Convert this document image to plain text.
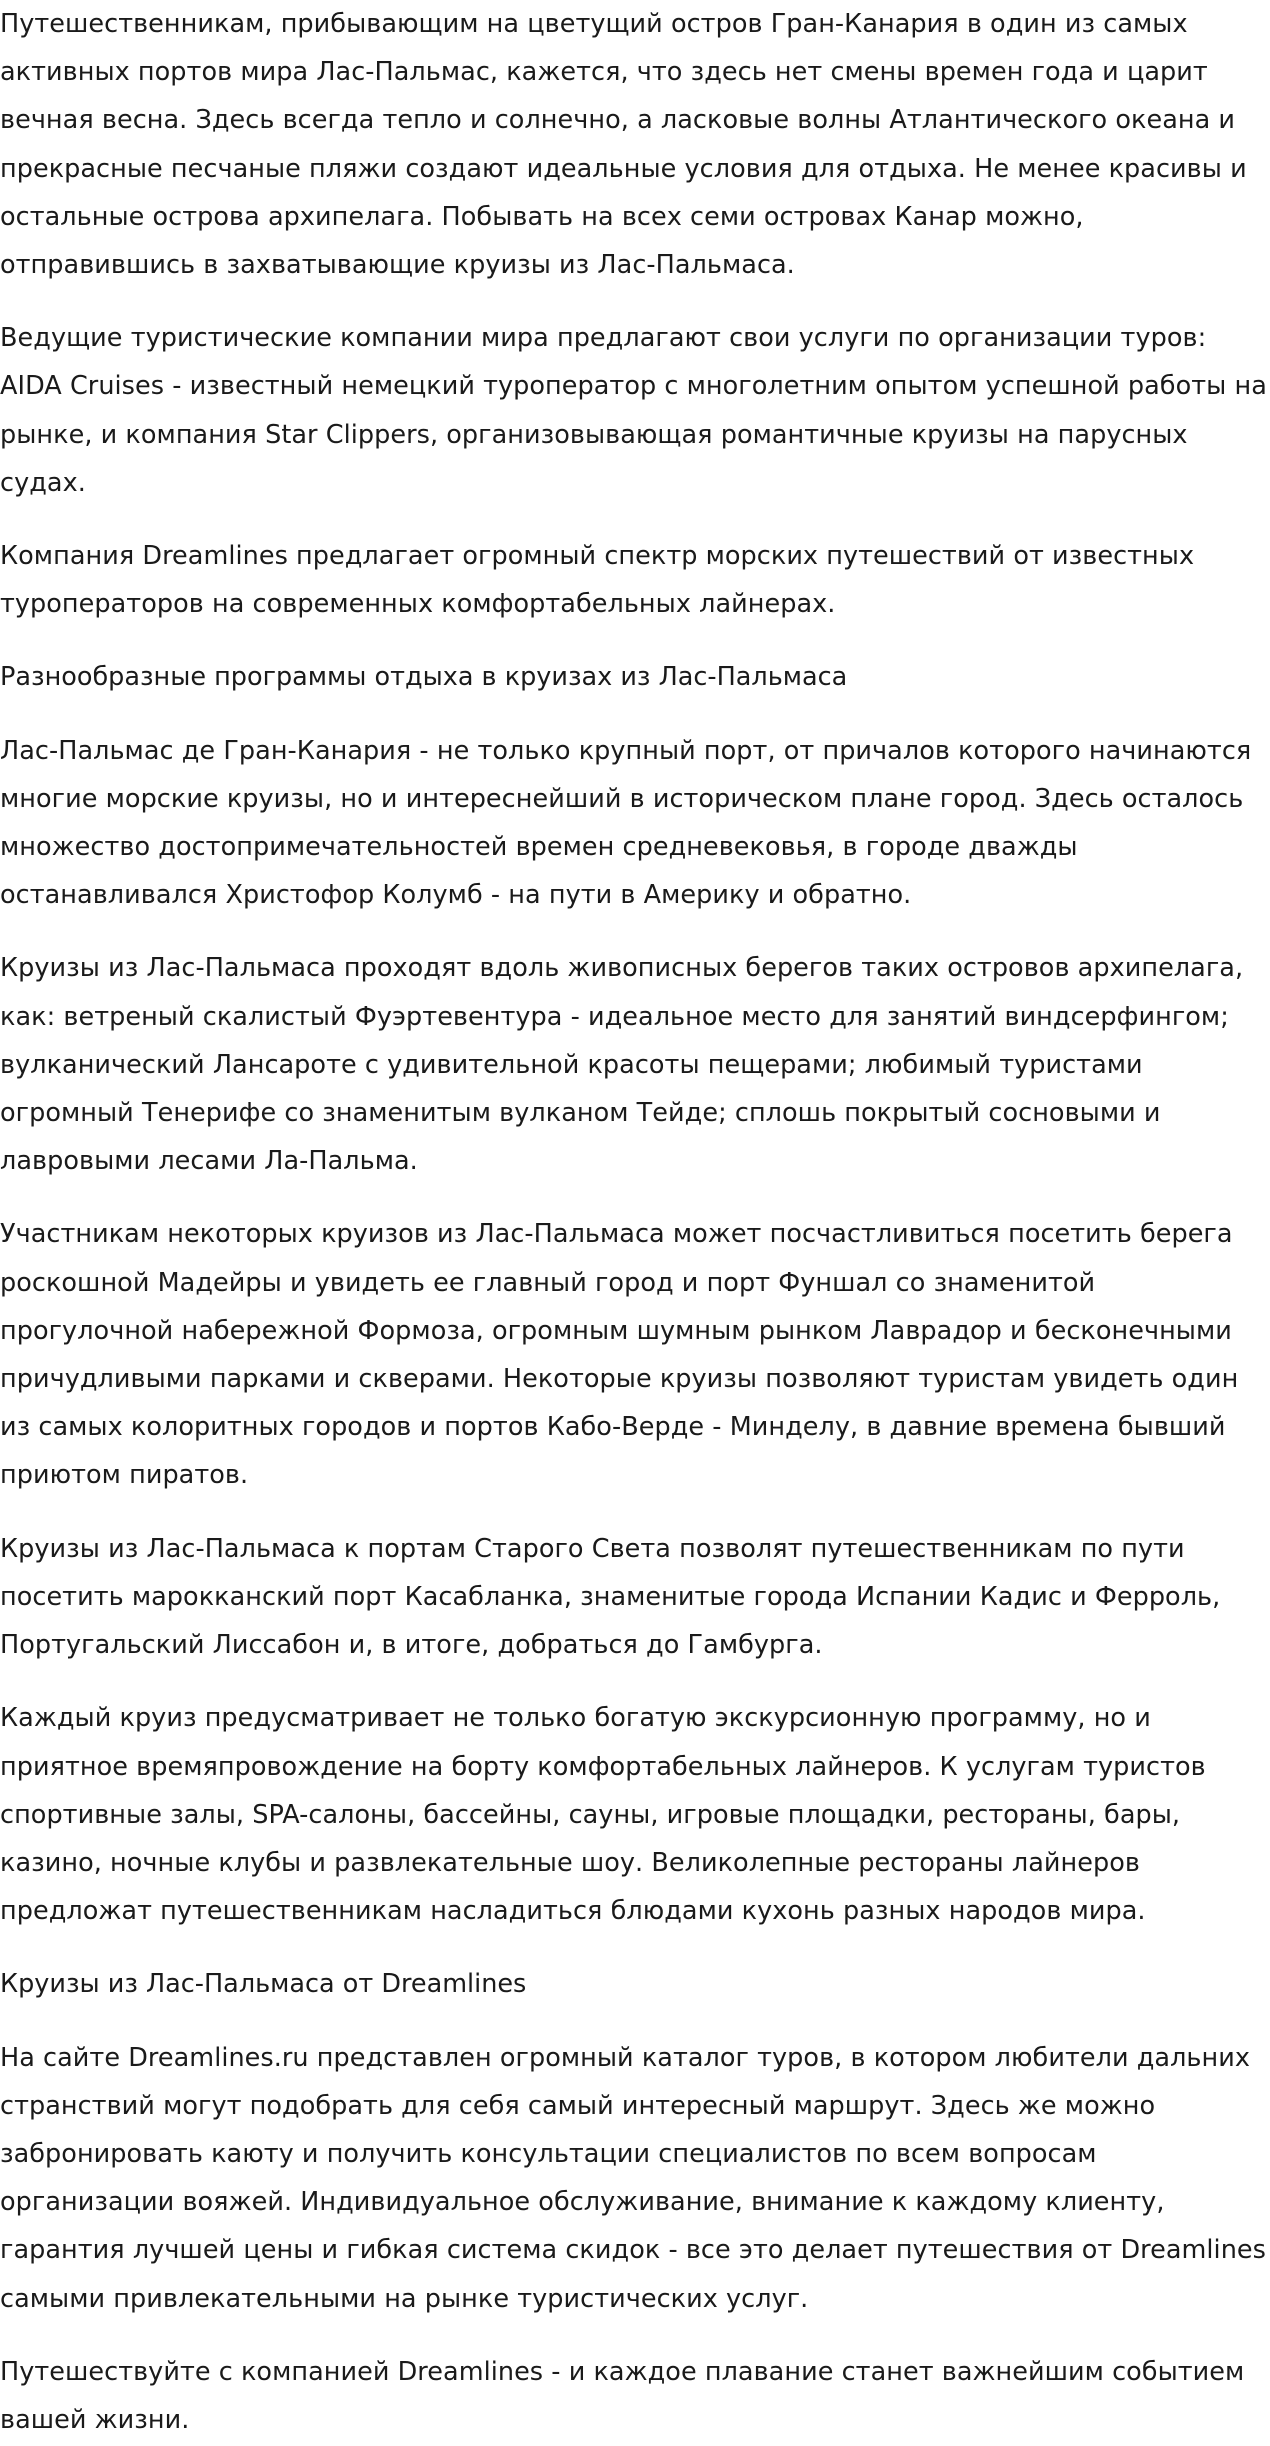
Путешественникам, прибывающим на цветущий остров Гран-Канария в один из самых активных портов мира Лас-Пальмас, кажется, что здесь нет смены времен года и царит вечная весна. Здесь всегда тепло и солнечно, а ласковые волны Атлантического океана и прекрасные песчаные пляжи создают идеальные условия для отдыха. Не менее красивы и остальные острова архипелага. Побывать на всех семи островах Канар можно, отправившись в захватывающие круизы из Лас-Пальмаса.

Ведущие туристические компании мира предлагают свои услуги по организации туров: AIDA Cruises - известный немецкий туроператор с многолетним опытом успешной работы на рынке, и компания Star Clippers, организовывающая романтичные круизы на парусных судах.

Компания Dreamlines предлагает огромный спектр морских путешествий от известных туроператоров на современных комфортабельных лайнерах.

Разнообразные программы отдыха в круизах из Лас-Пальмаса

Лас-Пальмас де Гран-Канария - не только крупный порт, от причалов которого начинаются многие морские круизы, но и интереснейший в историческом плане город. Здесь осталось множество достопримечательностей времен средневековья, в городе дважды останавливался Христофор Колумб - на пути в Америку и обратно.

Круизы из Лас-Пальмаса проходят вдоль живописных берегов таких островов архипелага, как: ветреный скалистый Фуэртевентура - идеальное место для занятий виндсерфингом; вулканический Лансароте с удивительной красоты пещерами; любимый туристами огромный Тенерифе со знаменитым вулканом Тейде; сплошь покрытый сосновыми и лавровыми лесами Ла-Пальма.

Участникам некоторых круизов из Лас-Пальмаса может посчастливиться посетить берега роскошной Мадейры и увидеть ее главный город и порт Фуншал со знаменитой прогулочной набережной Формоза, огромным шумным рынком Лаврадор и бесконечными причудливыми парками и скверами. Некоторые круизы позволяют туристам увидеть один из самых колоритных городов и портов Кабо-Верде - Минделу, в давние времена бывший приютом пиратов.

Круизы из Лас-Пальмаса к портам Старого Света позволят путешественникам по пути посетить марокканский порт Касабланка, знаменитые города Испании Кадис и Ферроль, Португальский Лиссабон и, в итоге, добраться до Гамбурга.

Каждый круиз предусматривает не только богатую экскурсионную программу, но и приятное времяпровождение на борту комфортабельных лайнеров. К услугам туристов спортивные залы, SPA-салоны, бассейны, сауны, игровые площадки, рестораны, бары, казино, ночные клубы и развлекательные шоу. Великолепные рестораны лайнеров предложат путешественникам насладиться блюдами кухонь разных народов мира.

Круизы из Лас-Пальмаса от Dreamlines

На сайте Dreamlines.ru представлен огромный каталог туров, в котором любители дальних странствий могут подобрать для себя самый интересный маршрут. Здесь же можно забронировать каюту и получить консультации специалистов по всем вопросам организации вояжей. Индивидуальное обслуживание, внимание к каждому клиенту, гарантия лучшей цены и гибкая система скидок - все это делает путешествия от Dreamlines самыми привлекательными на рынке туристических услуг.

Путешествуйте с компанией Dreamlines - и каждое плавание станет важнейшим событием вашей жизни.
